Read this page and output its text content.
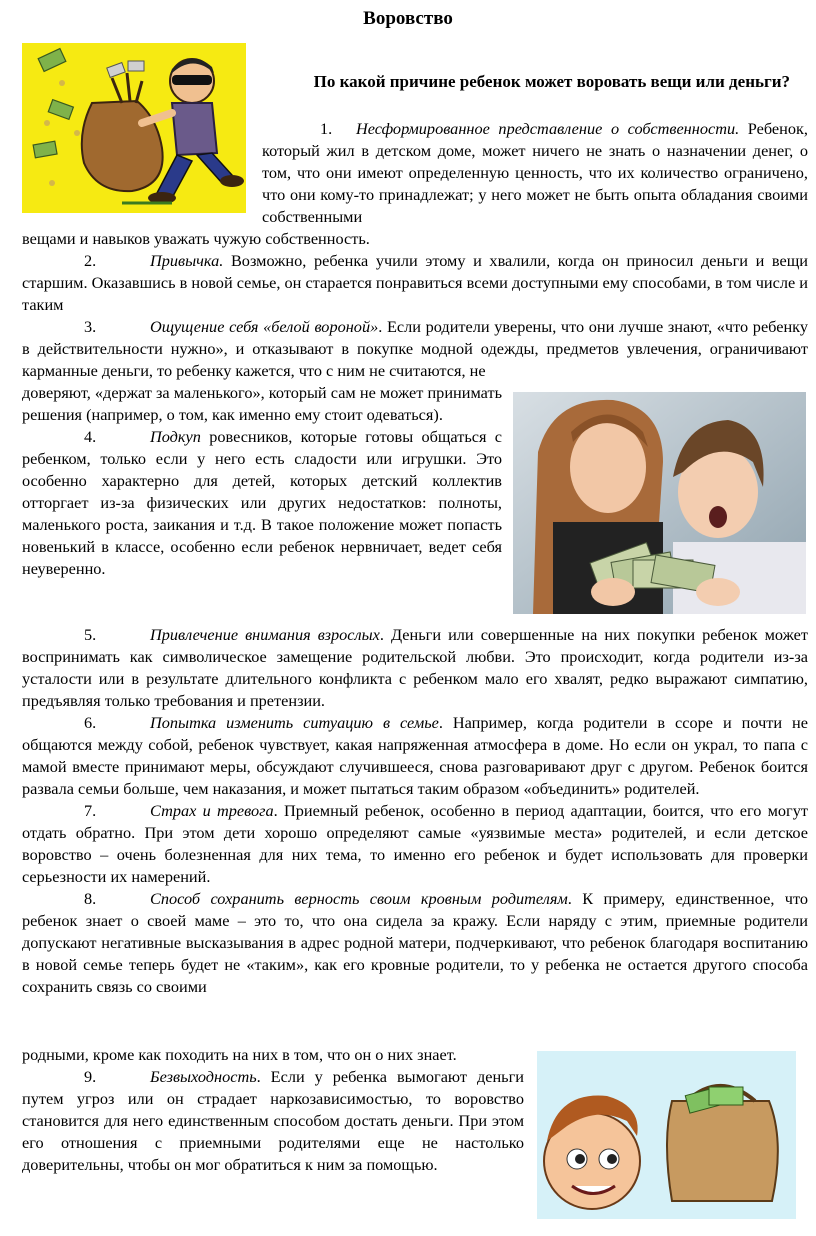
Воровство
По какой причине ребенок может воровать вещи или деньги?

1. Несформированное представление о собственности. Ребенок, который жил в детском доме, может ничего не знать о назначении денег, о том, что они имеют определенную ценность, что их количество ограничено, что они кому-то принадлежат; у него может не быть опыта обладания своими собственными

вещами и навыков уважать чужую собственность.

2.	Привычка. Возможно, ребенка учили этому и хвалили, когда он приносил деньги и вещи старшим. Оказавшись в новой семье, он старается понравиться всеми доступными ему способами, в том числе и таким

3.	Ощущение себя «белой вороной». Если родители уверены, что они лучше знают, «что ребенку в действительности нужно», и отказывают в покупке модной одежды, предметов увлечения, ограничивают карманные деньги, то ребенку кажется, что с ним не считаются, не

доверяют, «держат за маленького», который сам не может принимать решения (например, о том, как именно ему стоит одеваться).

4.	Подкуп ровесников, которые готовы общаться с ребенком, только если у него есть сладости или игрушки. Это особенно характерно для детей, которых детский коллектив отторгает из-за физических или других недостатков: полноты, маленького роста, заикания и т.д. В такое положение может попасть новенький в классе, особенно если ребенок нервничает, ведет себя неуверенно.

5.	Привлечение внимания взрослых. Деньги или совершенные на них покупки ребенок может воспринимать как символическое замещение родительской любви. Это происходит, когда родители из-за усталости или в результате длительного конфликта с ребенком мало его хвалят, редко выражают симпатию, предъявляя только требования и претензии.

6.	Попытка изменить ситуацию в семье. Например, когда родители в ссоре и почти не общаются между собой, ребенок чувствует, какая напряженная атмосфера в доме. Но если он украл, то папа с мамой вместе принимают меры, обсуждают случившееся, снова разговаривают друг с другом. Ребенок боится развала семьи больше, чем наказания, и может пытаться таким образом «объединить» родителей.

7.	Страх и тревога. Приемный ребенок, особенно в период адаптации, боится, что его могут отдать обратно. При этом дети хорошо определяют самые «уязвимые места» родителей, и если детское воровство – очень болезненная для них тема, то именно его ребенок и будет использовать для проверки серьезности их намерений.

8.	Способ сохранить верность своим кровным родителям. К примеру, единственное, что ребенок знает о своей маме – это то, что она сидела за кражу. Если наряду с этим, приемные родители допускают негативные высказывания в адрес родной матери, подчеркивают, что ребенок благодаря воспитанию в новой семье теперь будет не «таким», как его кровные родители, то у ребенка не остается другого способа сохранить связь со своими

родными, кроме как походить на них в том, что он о них знает.

9.	Безвыходность. Если у ребенка вымогают деньги путем угроз или он страдает наркозависимостью, то воровство становится для него единственным способом достать деньги. При этом его отношения с приемными родителями еще не настолько доверительны, чтобы он мог обратиться к ним за помощью.
